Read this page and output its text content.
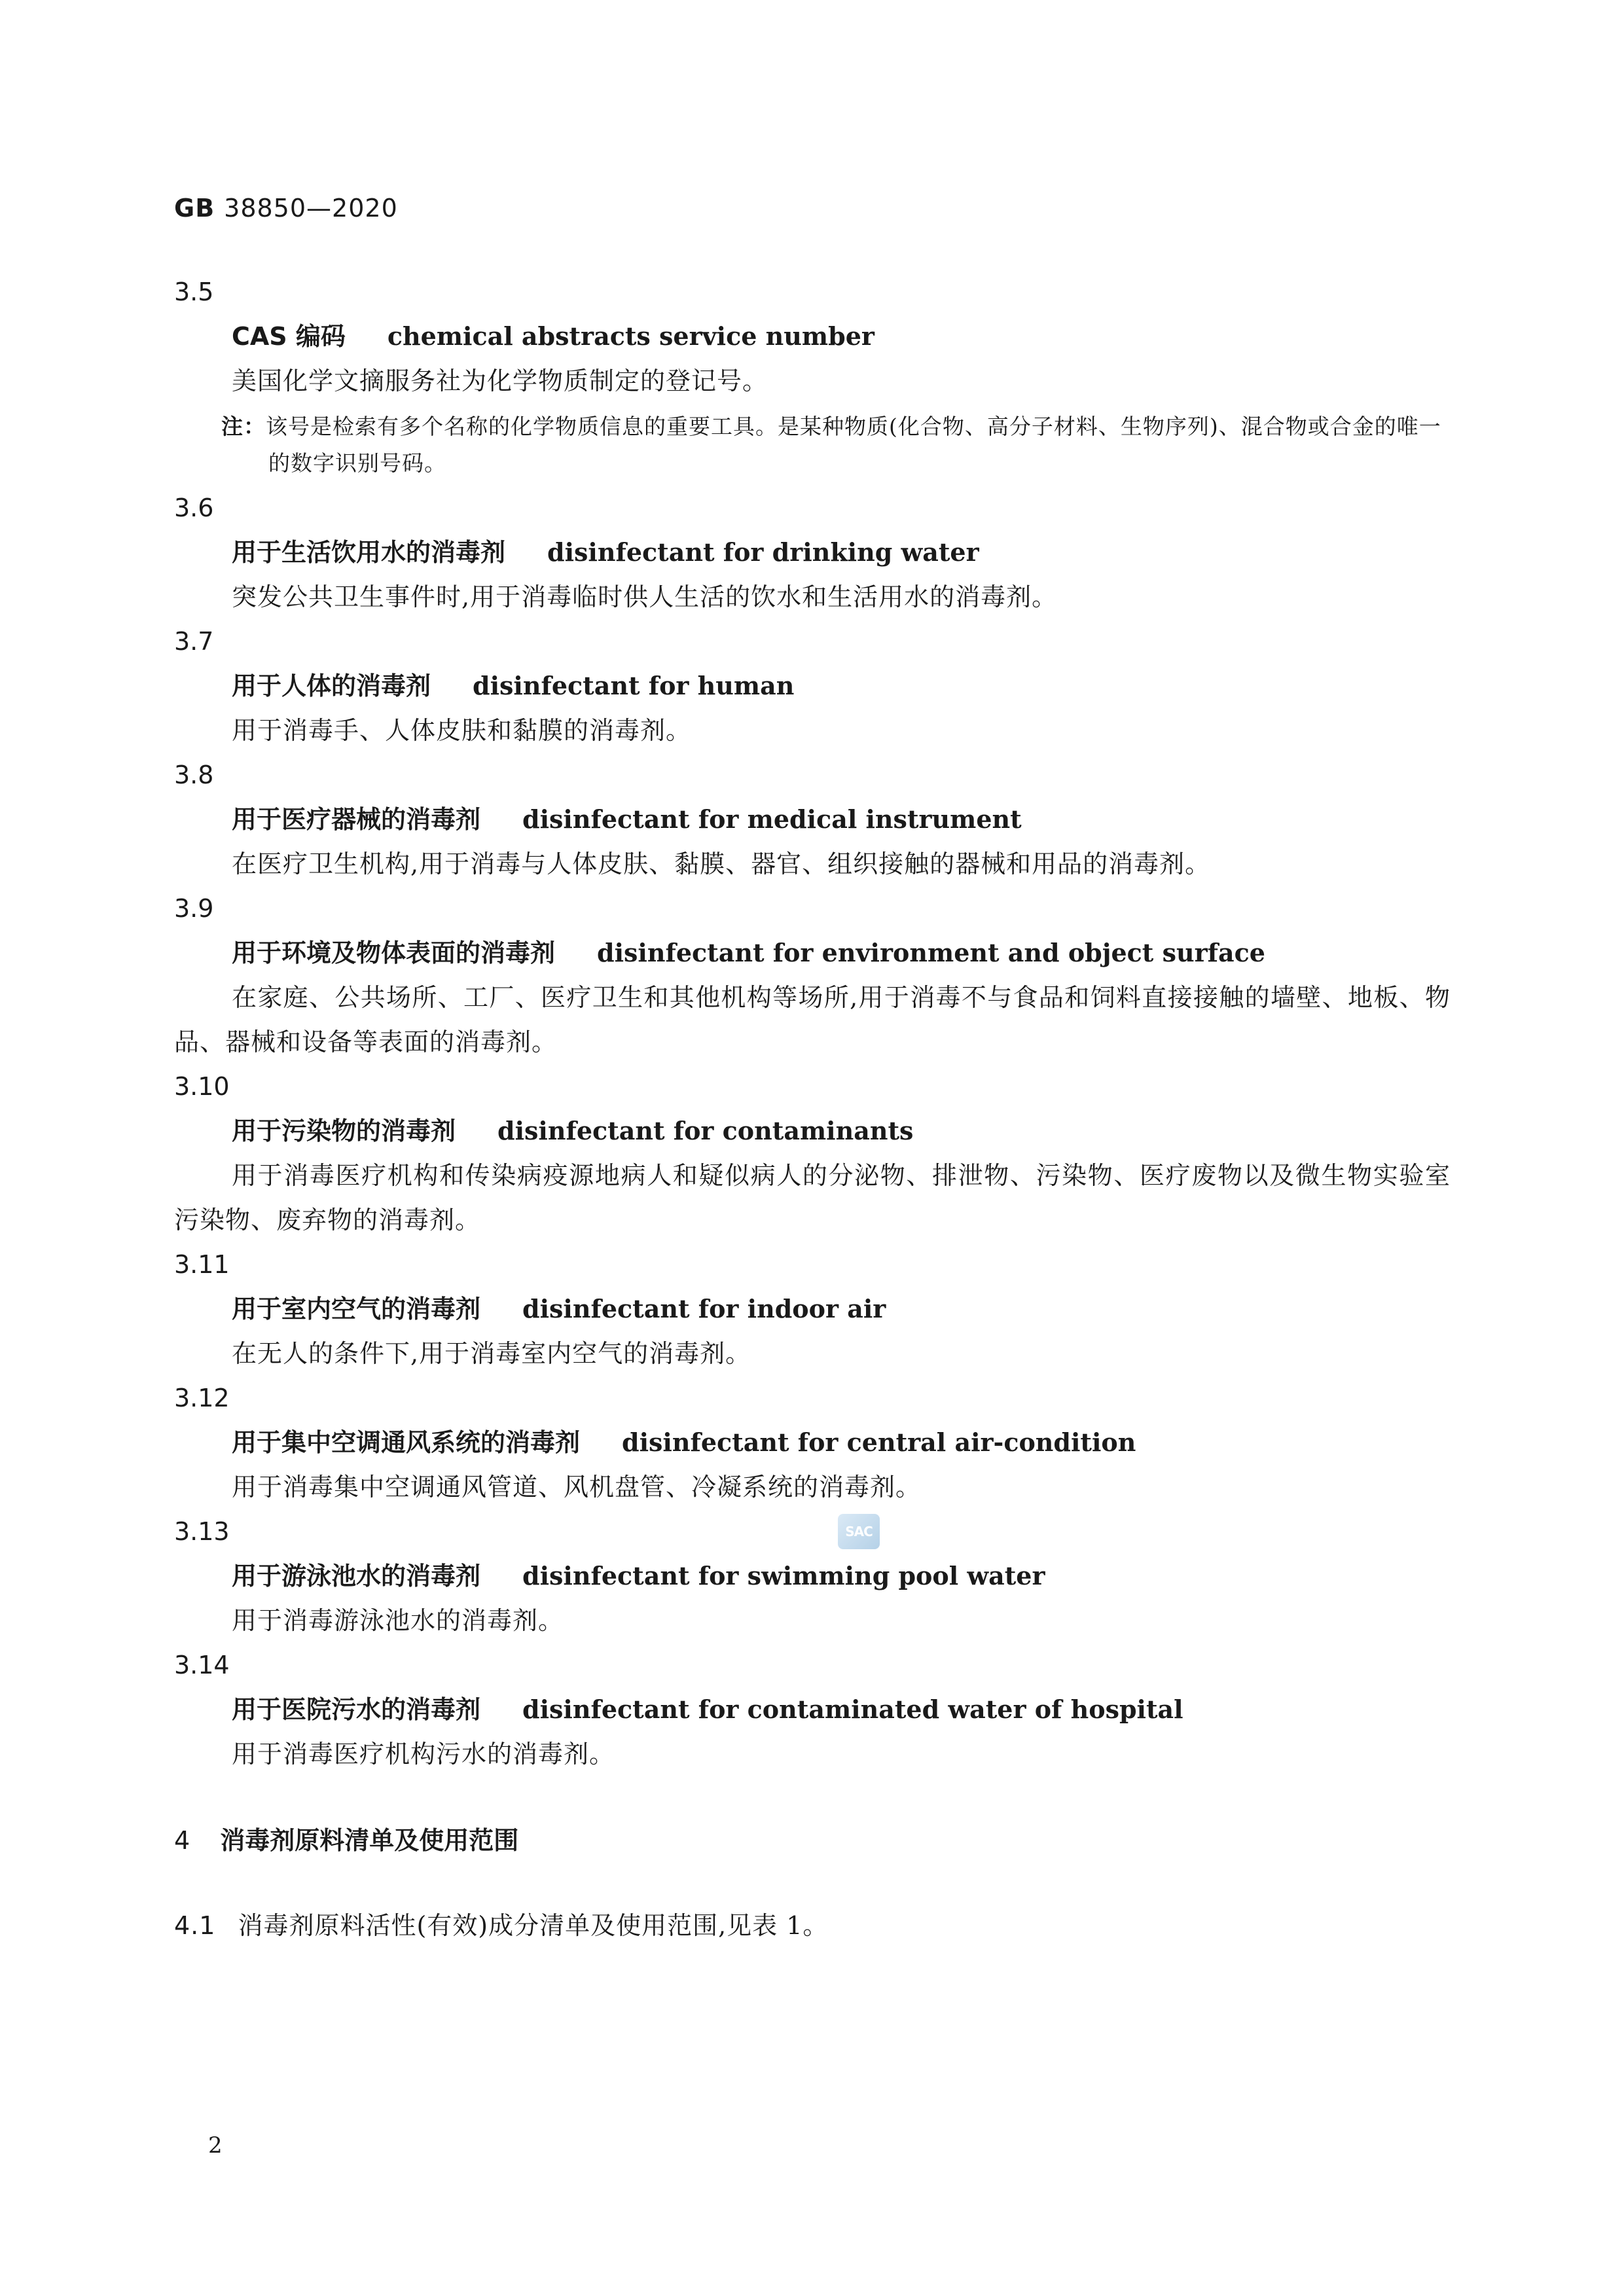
GB 38850—2020
3.5
CAS 编码 chemical abstracts service number
美国化学文摘服务社为化学物质制定的登记号。
注：该号是检索有多个名称的化学物质信息的重要工具。是某种物质(化合物、高分子材料、生物序列)、混合物或合金的唯一的数字识别号码。
3.6
用于生活饮用水的消毒剂 disinfectant for drinking water
突发公共卫生事件时,用于消毒临时供人生活的饮水和生活用水的消毒剂。
3.7
用于人体的消毒剂 disinfectant for human
用于消毒手、人体皮肤和黏膜的消毒剂。
3.8
用于医疗器械的消毒剂 disinfectant for medical instrument
在医疗卫生机构,用于消毒与人体皮肤、黏膜、器官、组织接触的器械和用品的消毒剂。
3.9
用于环境及物体表面的消毒剂 disinfectant for environment and object surface
在家庭、公共场所、工厂、医疗卫生和其他机构等场所,用于消毒不与食品和饲料直接接触的墙壁、地板、物品、器械和设备等表面的消毒剂。
3.10
用于污染物的消毒剂 disinfectant for contaminants
用于消毒医疗机构和传染病疫源地病人和疑似病人的分泌物、排泄物、污染物、医疗废物以及微生物实验室污染物、废弃物的消毒剂。
3.11
用于室内空气的消毒剂 disinfectant for indoor air
在无人的条件下,用于消毒室内空气的消毒剂。
3.12
用于集中空调通风系统的消毒剂 disinfectant for central air-condition
用于消毒集中空调通风管道、风机盘管、冷凝系统的消毒剂。
3.13
用于游泳池水的消毒剂 disinfectant for swimming pool water
用于消毒游泳池水的消毒剂。
3.14
用于医院污水的消毒剂 disinfectant for contaminated water of hospital
用于消毒医疗机构污水的消毒剂。
4 消毒剂原料清单及使用范围
4.1 消毒剂原料活性(有效)成分清单及使用范围,见表 1。
SAC
2
